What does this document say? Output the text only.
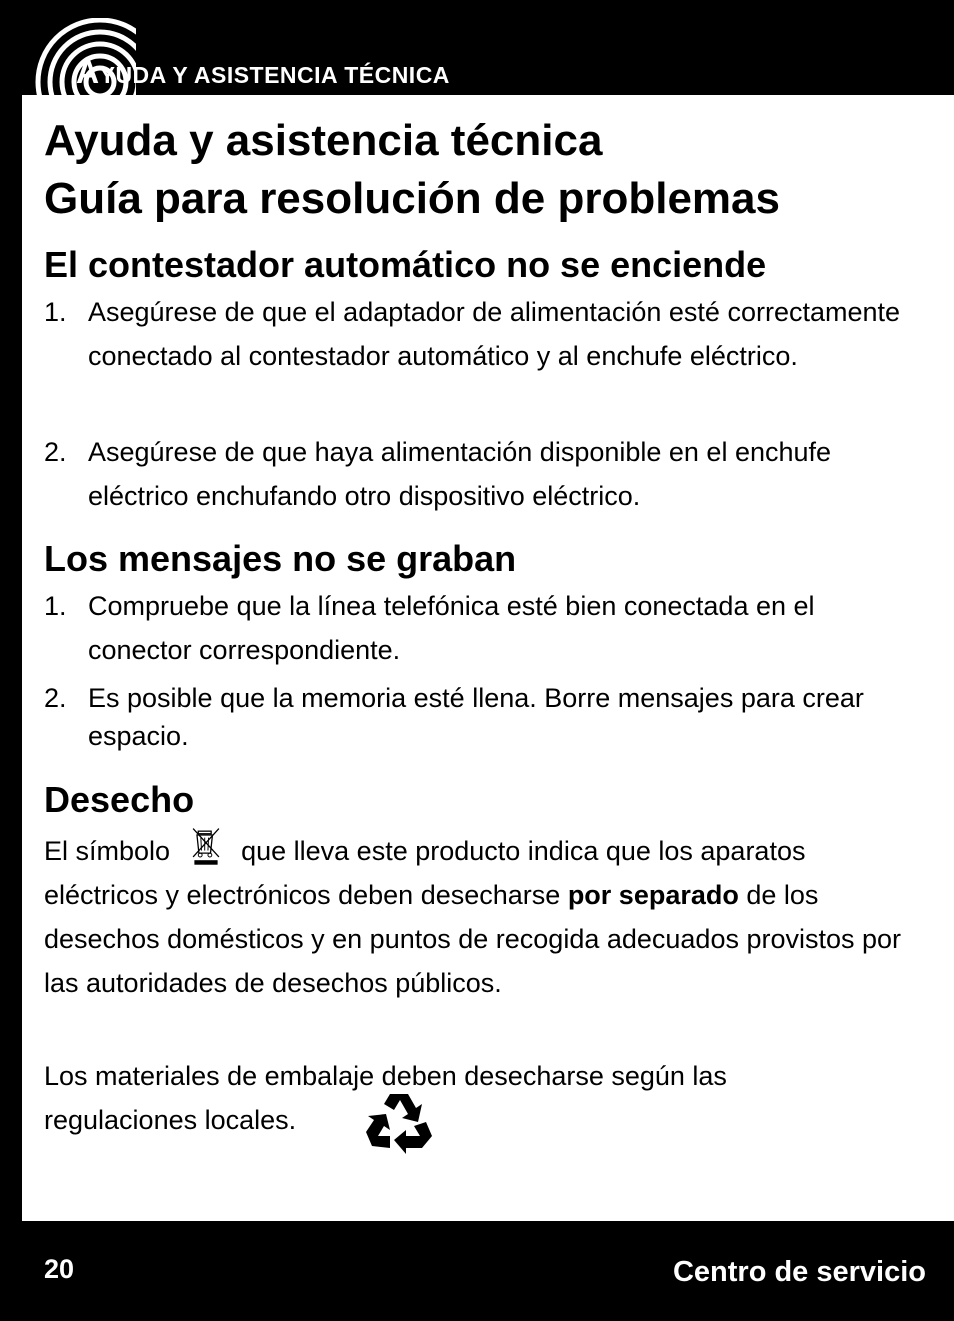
AYUDA Y ASISTENCIA TÉCNICA
Ayuda y asistencia técnica
Guía para resolución de problemas
El contestador automático no se enciende
1. Asegúrese de que el adaptador de alimentación esté correctamente conectado al contestador automático y al enchufe eléctrico.
2. Asegúrese de que haya alimentación disponible en el enchufe eléctrico enchufando otro dispositivo eléctrico.
Los mensajes no se graban
1. Compruebe que la línea telefónica esté bien conectada en el conector correspondiente.
2. Es posible que la memoria esté llena. Borre mensajes para crear espacio.
Desecho
El símbolo	que lleva este producto indica que los aparatos eléctricos y electrónicos deben desecharse por separado de los desechos domésticos y en puntos de recogida adecuados provistos por las autoridades de desechos públicos.
Los materiales de embalaje deben desecharse según las regulaciones locales.
20	Centro de servicio
